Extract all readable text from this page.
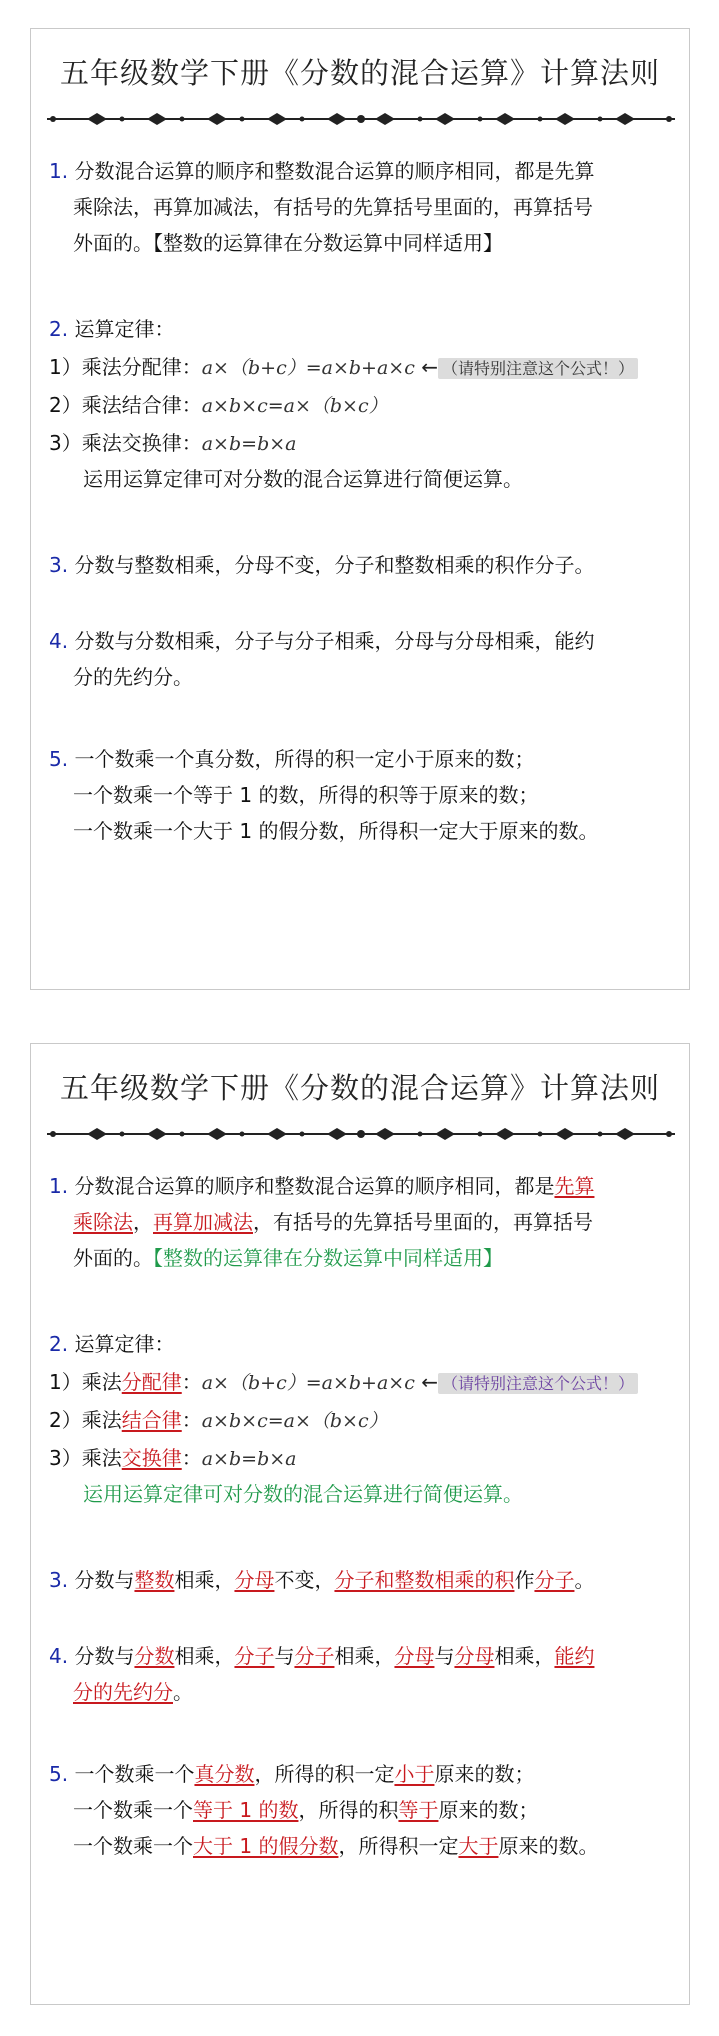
五年级数学下册《分数的混合运算》计算法则
1. 分数混合运算的顺序和整数混合运算的顺序相同，都是先算
乘除法，再算加减法，有括号的先算括号里面的，再算括号
外面的。【整数的运算律在分数运算中同样适用】
2. 运算定律：
1）乘法分配律：a×（b+c）=a×b+a×c ← （请特别注意这个公式！）
2）乘法结合律：a×b×c=a×（b×c）
3）乘法交换律：a×b=b×a
运用运算定律可对分数的混合运算进行简便运算。
3. 分数与整数相乘，分母不变，分子和整数相乘的积作分子。
4. 分数与分数相乘，分子与分子相乘，分母与分母相乘，能约
分的先约分。
5. 一个数乘一个真分数，所得的积一定小于原来的数；
一个数乘一个等于 1 的数，所得的积等于原来的数；
一个数乘一个大于 1 的假分数，所得积一定大于原来的数。
五年级数学下册《分数的混合运算》计算法则
1. 分数混合运算的顺序和整数混合运算的顺序相同，都是先算
乘除法，再算加减法，有括号的先算括号里面的，再算括号
外面的。【整数的运算律在分数运算中同样适用】
2. 运算定律：
1）乘法分配律：a×（b+c）=a×b+a×c ← （请特别注意这个公式！）
2）乘法结合律：a×b×c=a×（b×c）
3）乘法交换律：a×b=b×a
运用运算定律可对分数的混合运算进行简便运算。
3. 分数与整数相乘，分母不变，分子和整数相乘的积作分子。
4. 分数与分数相乘，分子与分子相乘，分母与分母相乘，能约
分的先约分。
5. 一个数乘一个真分数，所得的积一定小于原来的数；
一个数乘一个等于 1 的数，所得的积等于原来的数；
一个数乘一个大于 1 的假分数，所得积一定大于原来的数。
